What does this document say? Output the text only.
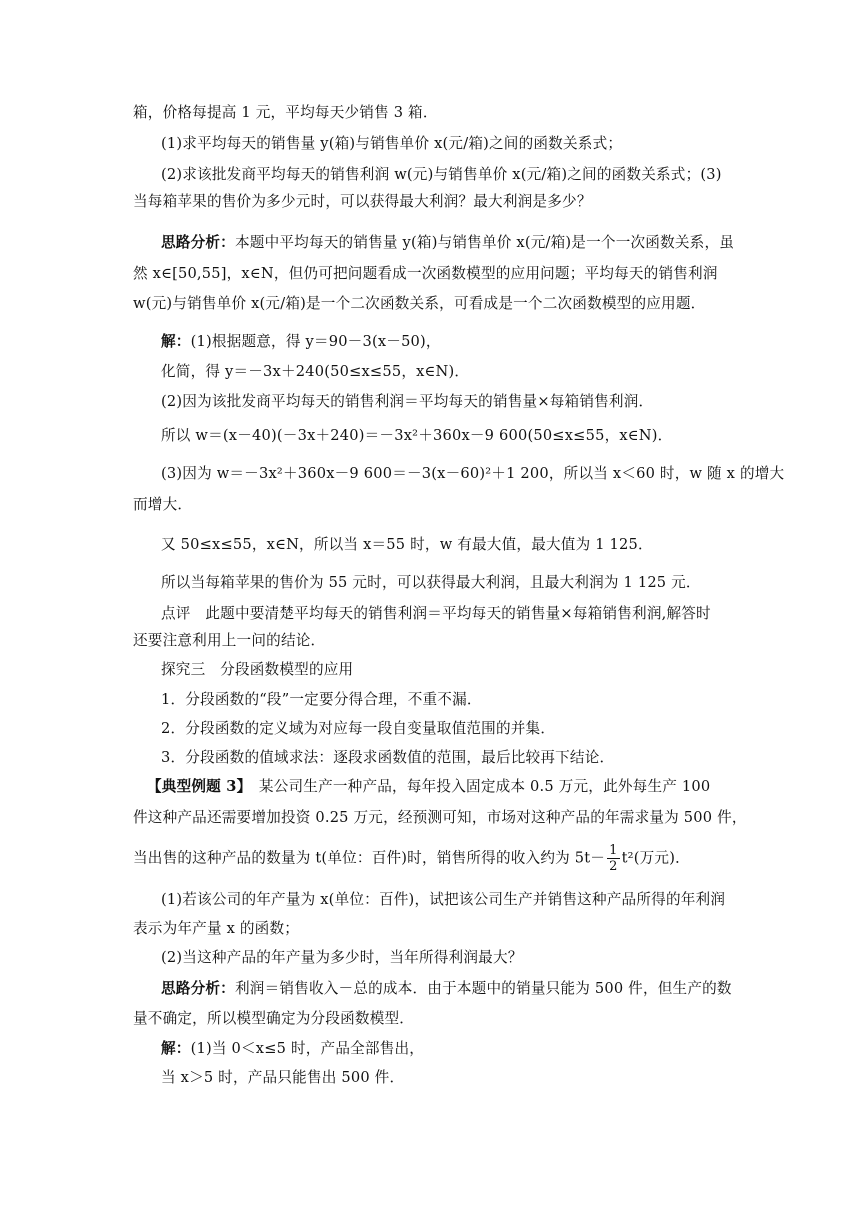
箱，价格每提高 1 元，平均每天少销售 3 箱．
(1)求平均每天的销售量 y(箱)与销售单价 x(元/箱)之间的函数关系式；
(2)求该批发商平均每天的销售利润 w(元)与销售单价 x(元/箱)之间的函数关系式；(3)
当每箱苹果的售价为多少元时，可以获得最大利润？最大利润是多少？
思路分析：本题中平均每天的销售量 y(箱)与销售单价 x(元/箱)是一个一次函数关系，虽
然 x∈[50,55]，x∈N，但仍可把问题看成一次函数模型的应用问题；平均每天的销售利润
w(元)与销售单价 x(元/箱)是一个二次函数关系，可看成是一个二次函数模型的应用题．
解：(1)根据题意，得 y＝90－3(x－50)，
化简，得 y＝－3x＋240(50≤x≤55，x∈N)．
(2)因为该批发商平均每天的销售利润＝平均每天的销售量×每箱销售利润．
所以 w＝(x－40)(－3x＋240)＝－3x²＋360x－9 600(50≤x≤55，x∈N)．
(3)因为 w＝－3x²＋360x－9 600＝－3(x－60)²＋1 200，所以当 x＜60 时，w 随 x 的增大
而增大．
又 50≤x≤55，x∈N，所以当 x＝55 时，w 有最大值，最大值为 1 125．
所以当每箱苹果的售价为 55 元时，可以获得最大利润，且最大利润为 1 125 元．
点评　此题中要清楚平均每天的销售利润＝平均每天的销售量×每箱销售利润,解答时
还要注意利用上一问的结论．
探究三　分段函数模型的应用
1．分段函数的“段”一定要分得合理，不重不漏．
2．分段函数的定义域为对应每一段自变量取值范围的并集．
3．分段函数的值域求法：逐段求函数值的范围，最后比较再下结论．
【典型例题 3】　 某公司生产一种产品，每年投入固定成本 0.5 万元，此外每生产 100
件这种产品还需要增加投资 0.25 万元，经预测可知，市场对这种产品的年需求量为 500 件，
当出售的这种产品的数量为 t(单位：百件)时，销售所得的收入约为 $5t- \frac{1}{2} t^2$(万元)．
(1)若该公司的年产量为 x(单位：百件)，试把该公司生产并销售这种产品所得的年利润
表示为年产量 x 的函数；
(2)当这种产品的年产量为多少时，当年所得利润最大？
思路分析：利润＝销售收入－总的成本．由于本题中的销量只能为 500 件，但生产的数
量不确定，所以模型确定为分段函数模型．
解：(1)当 0＜x≤5 时，产品全部售出，
当 x＞5 时，产品只能售出 500 件．
